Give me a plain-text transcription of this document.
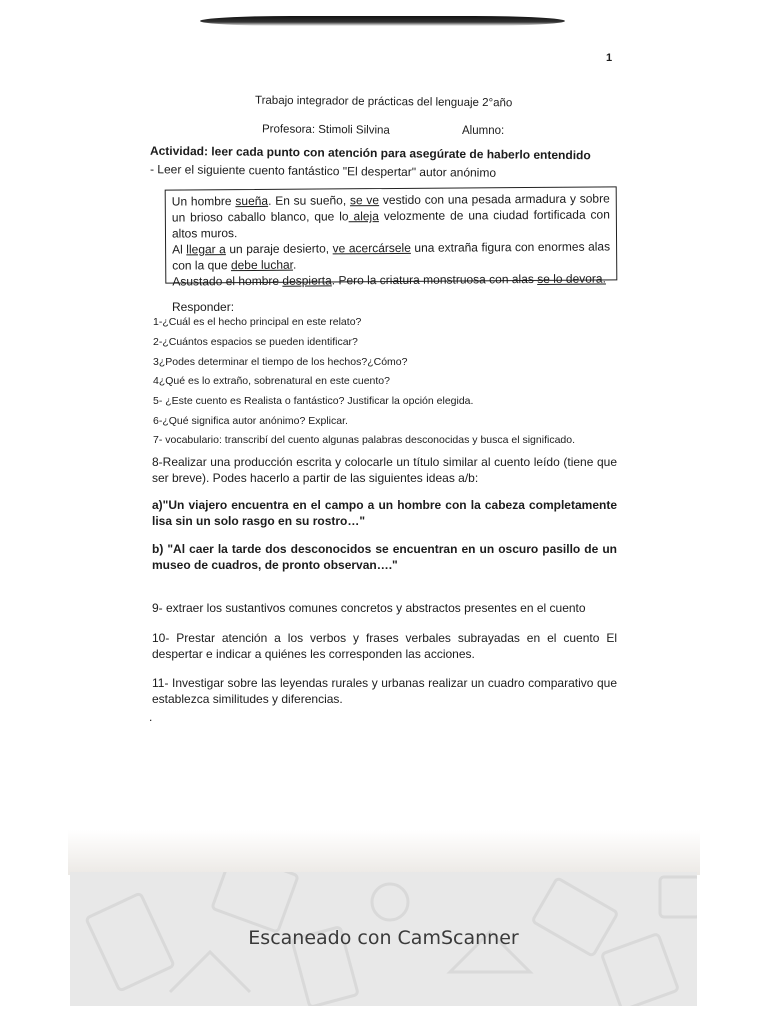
1
Trabajo integrador de prácticas del lenguaje 2°año
Profesora: Stimoli Silvina	Alumno:
Actividad: leer cada punto con atención para asegúrate de haberlo entendido
- Leer el siguiente cuento fantástico "El despertar" autor anónimo

Un hombre sueña. En su sueño, se ve vestido con una pesada armadura y sobre un brioso caballo blanco, que lo aleja velozmente de una ciudad fortificada con altos muros.

Al llegar a un paraje desierto, ve acercársele una extraña figura con enormes alas con la que debe luchar.

Asustado el hombre despierta. Pero la criatura monstruosa con alas se lo devora.

Responder:
1-¿Cuál es el hecho principal en este relato?
2-¿Cuántos espacios se pueden identificar?
3¿Podes determinar el tiempo de los hechos?¿Cómo?
4¿Qué es lo extraño, sobrenatural en este cuento?
5- ¿Este cuento es Realista o fantástico? Justificar la opción elegida.
6-¿Qué significa autor anónimo? Explicar.
7- vocabulario: transcribí del cuento algunas palabras desconocidas y busca el significado.
8-Realizar una producción escrita y colocarle un título similar al cuento leído (tiene que ser breve). Podes hacerlo a partir de las siguientes ideas a/b:
a)"Un viajero encuentra en el campo a un hombre con la cabeza completamente lisa sin un solo rasgo en su rostro…"
b) "Al caer la tarde dos desconocidos se encuentran en un oscuro pasillo de un museo de cuadros, de pronto observan…."
9- extraer los sustantivos comunes concretos y abstractos presentes en el cuento
10- Prestar atención a los verbos y frases verbales subrayadas en el cuento El despertar e indicar a quiénes les corresponden las acciones.
11- Investigar sobre las leyendas rurales y urbanas realizar un cuadro comparativo que establezca similitudes y diferencias.
.
Escaneado con CamScanner
